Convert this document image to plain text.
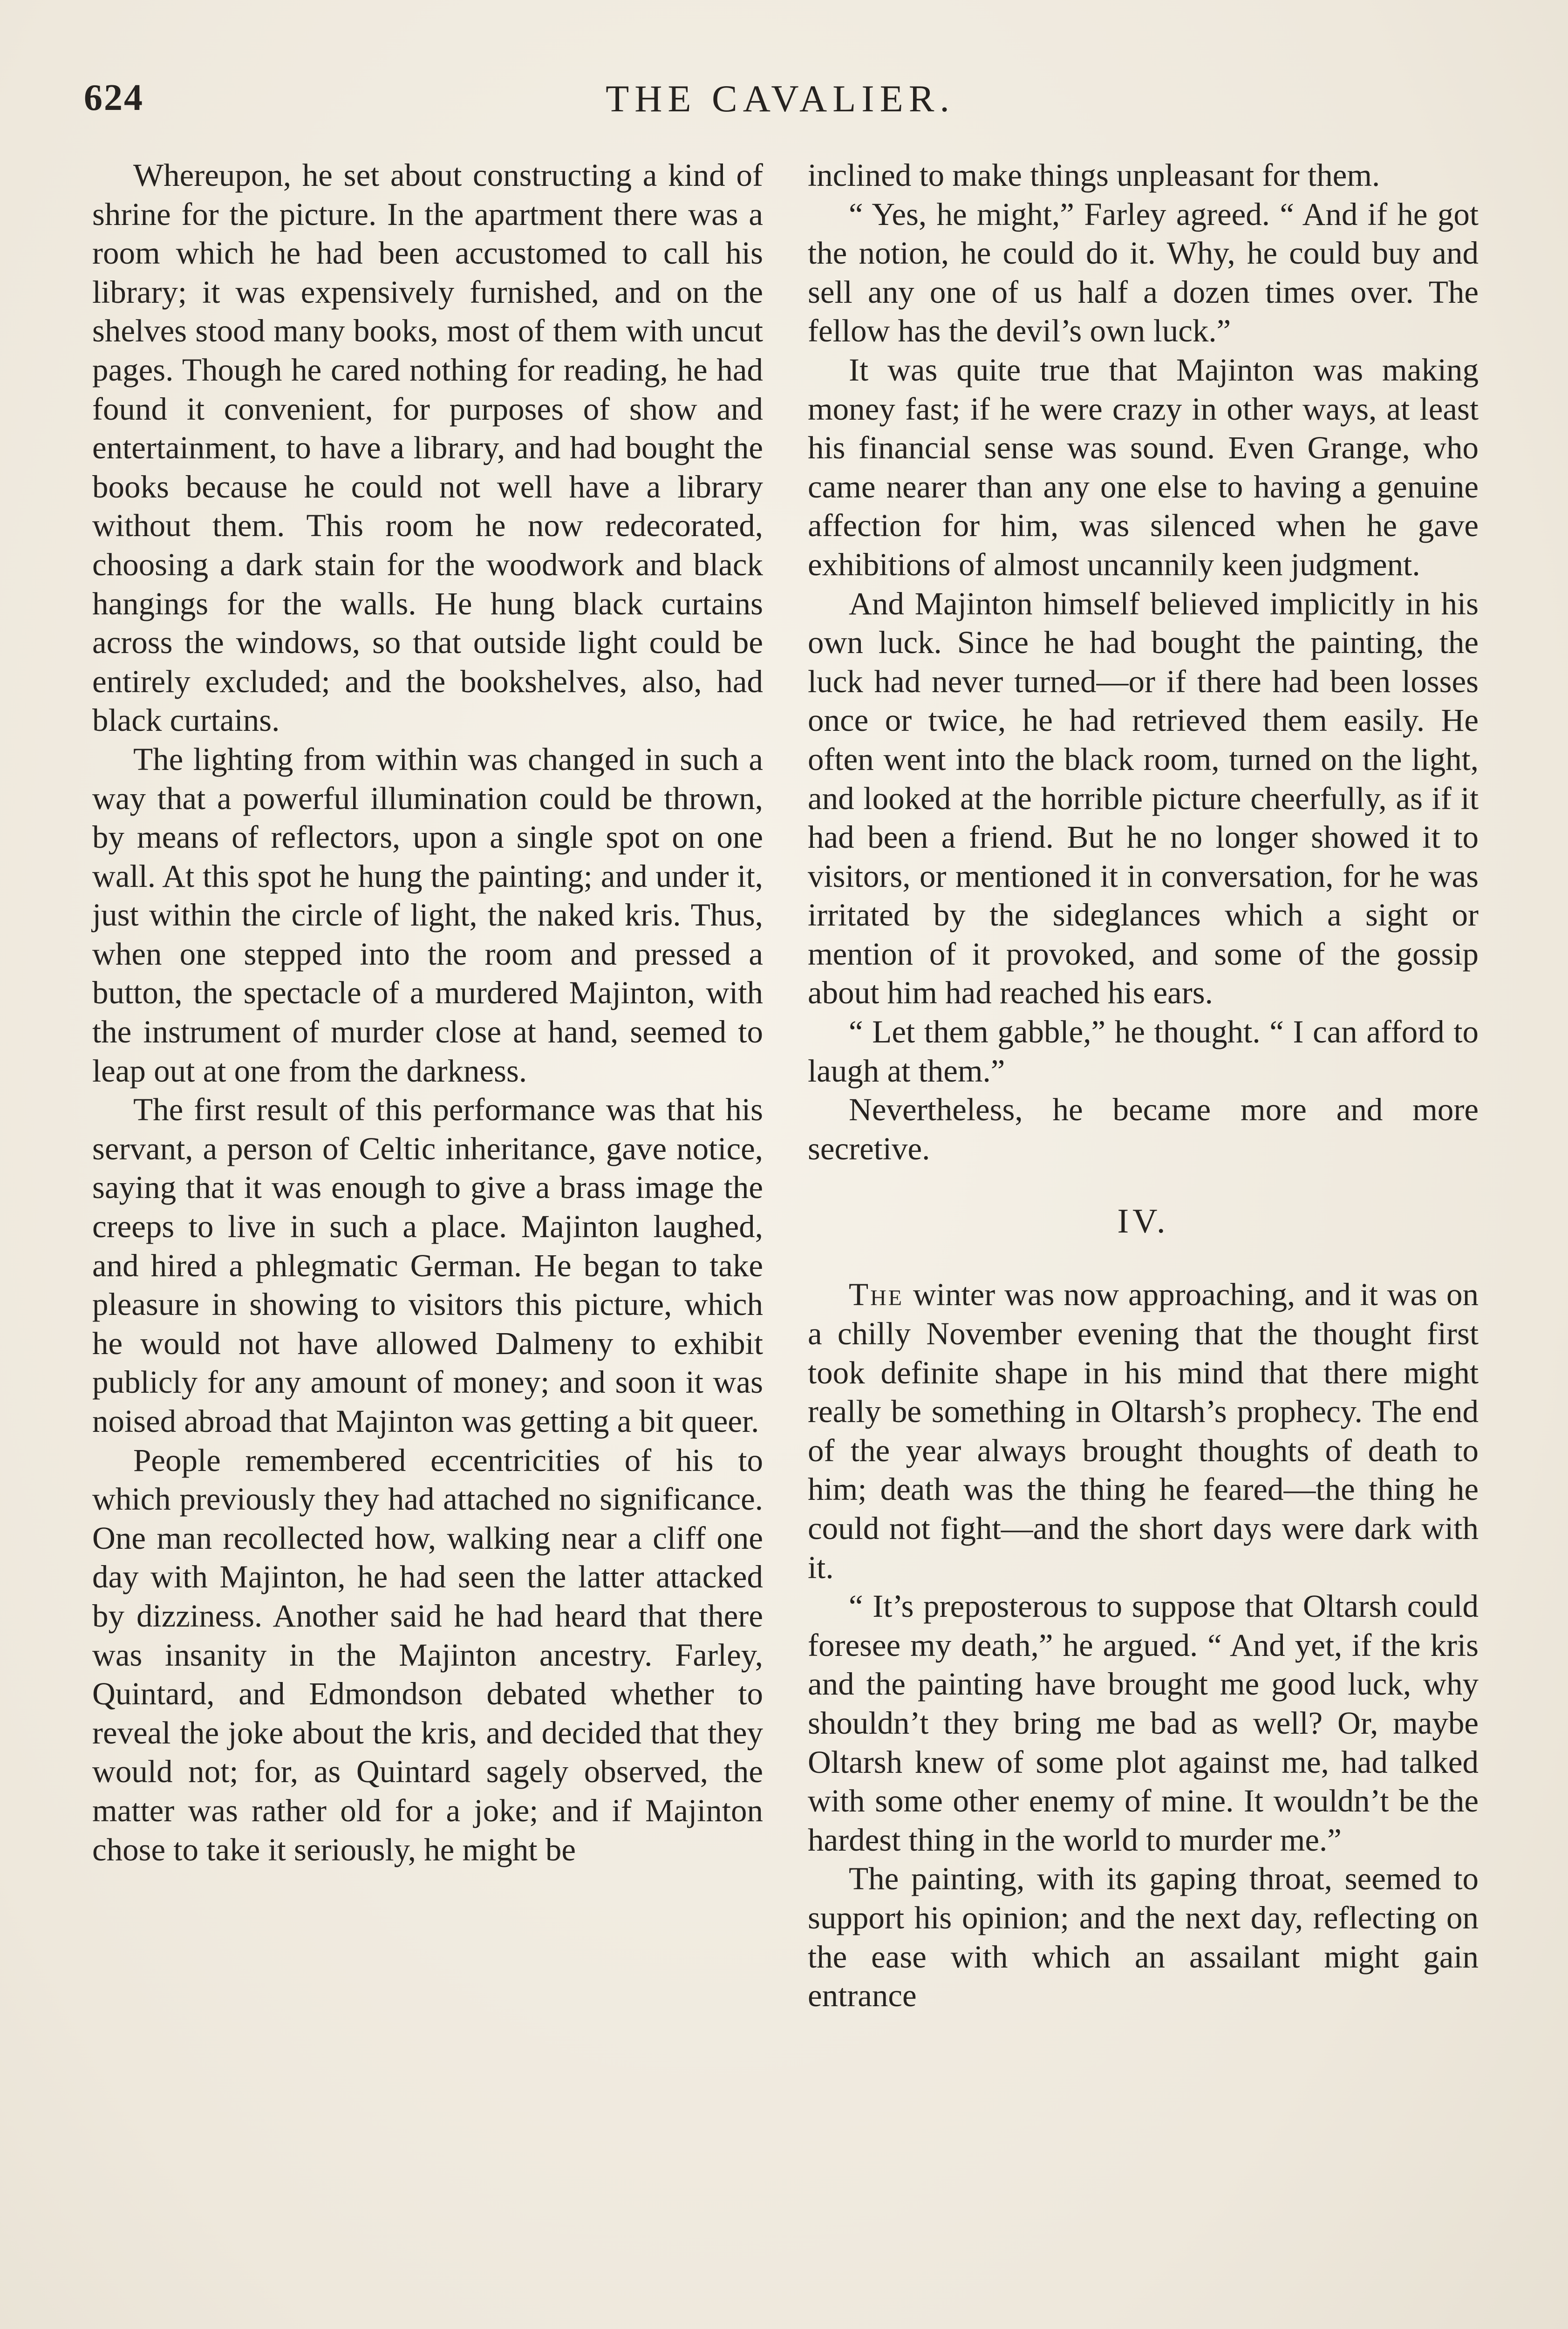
624	THE CAVALIER.

Whereupon, he set about constructing a kind of shrine for the picture. In the apartment there was a room which he had been accustomed to call his library; it was expensively furnished, and on the shelves stood many books, most of them with uncut pages. Though he cared nothing for reading, he had found it convenient, for purposes of show and entertainment, to have a library, and had bought the books because he could not well have a library without them. This room he now redecorated, choosing a dark stain for the woodwork and black hangings for the walls. He hung black curtains across the windows, so that outside light could be entirely excluded; and the bookshelves, also, had black curtains.

The lighting from within was changed in such a way that a powerful illumination could be thrown, by means of reflectors, upon a single spot on one wall. At this spot he hung the painting; and under it, just within the circle of light, the naked kris. Thus, when one stepped into the room and pressed a button, the spectacle of a murdered Majinton, with the instrument of murder close at hand, seemed to leap out at one from the darkness.

The first result of this performance was that his servant, a person of Celtic inheritance, gave notice, saying that it was enough to give a brass image the creeps to live in such a place. Majinton laughed, and hired a phlegmatic German. He began to take pleasure in showing to visitors this picture, which he would not have allowed Dalmeny to exhibit publicly for any amount of money; and soon it was noised abroad that Majinton was getting a bit queer.

People remembered eccentricities of his to which previously they had attached no significance. One man recollected how, walking near a cliff one day with Majinton, he had seen the latter attacked by dizziness. Another said he had heard that there was insanity in the Majinton ancestry. Farley, Quintard, and Edmondson debated whether to reveal the joke about the kris, and decided that they would not; for, as Quintard sagely observed, the matter was rather old for a joke; and if Majinton chose to take it seriously, he might be

inclined to make things unpleasant for them.

“ Yes, he might,” Farley agreed. “ And if he got the notion, he could do it. Why, he could buy and sell any one of us half a dozen times over. The fellow has the devil’s own luck.”

It was quite true that Majinton was making money fast; if he were crazy in other ways, at least his financial sense was sound. Even Grange, who came nearer than any one else to having a genuine affection for him, was silenced when he gave exhibitions of almost uncannily keen judgment.

And Majinton himself believed implicitly in his own luck. Since he had bought the painting, the luck had never turned—or if there had been losses once or twice, he had retrieved them easily. He often went into the black room, turned on the light, and looked at the horrible picture cheerfully, as if it had been a friend. But he no longer showed it to visitors, or mentioned it in conversation, for he was irritated by the sideglances which a sight or mention of it provoked, and some of the gossip about him had reached his ears.

“ Let them gabble,” he thought. “ I can afford to laugh at them.”

Nevertheless, he became more and more secretive.

IV.

The winter was now approaching, and it was on a chilly November evening that the thought first took definite shape in his mind that there might really be something in Oltarsh’s prophecy. The end of the year always brought thoughts of death to him; death was the thing he feared—the thing he could not fight—and the short days were dark with it.

“ It’s preposterous to suppose that Oltarsh could foresee my death,” he argued. “ And yet, if the kris and the painting have brought me good luck, why shouldn’t they bring me bad as well? Or, maybe Oltarsh knew of some plot against me, had talked with some other enemy of mine. It wouldn’t be the hardest thing in the world to murder me.”

The painting, with its gaping throat, seemed to support his opinion; and the next day, reflecting on the ease with which an assailant might gain entrance
